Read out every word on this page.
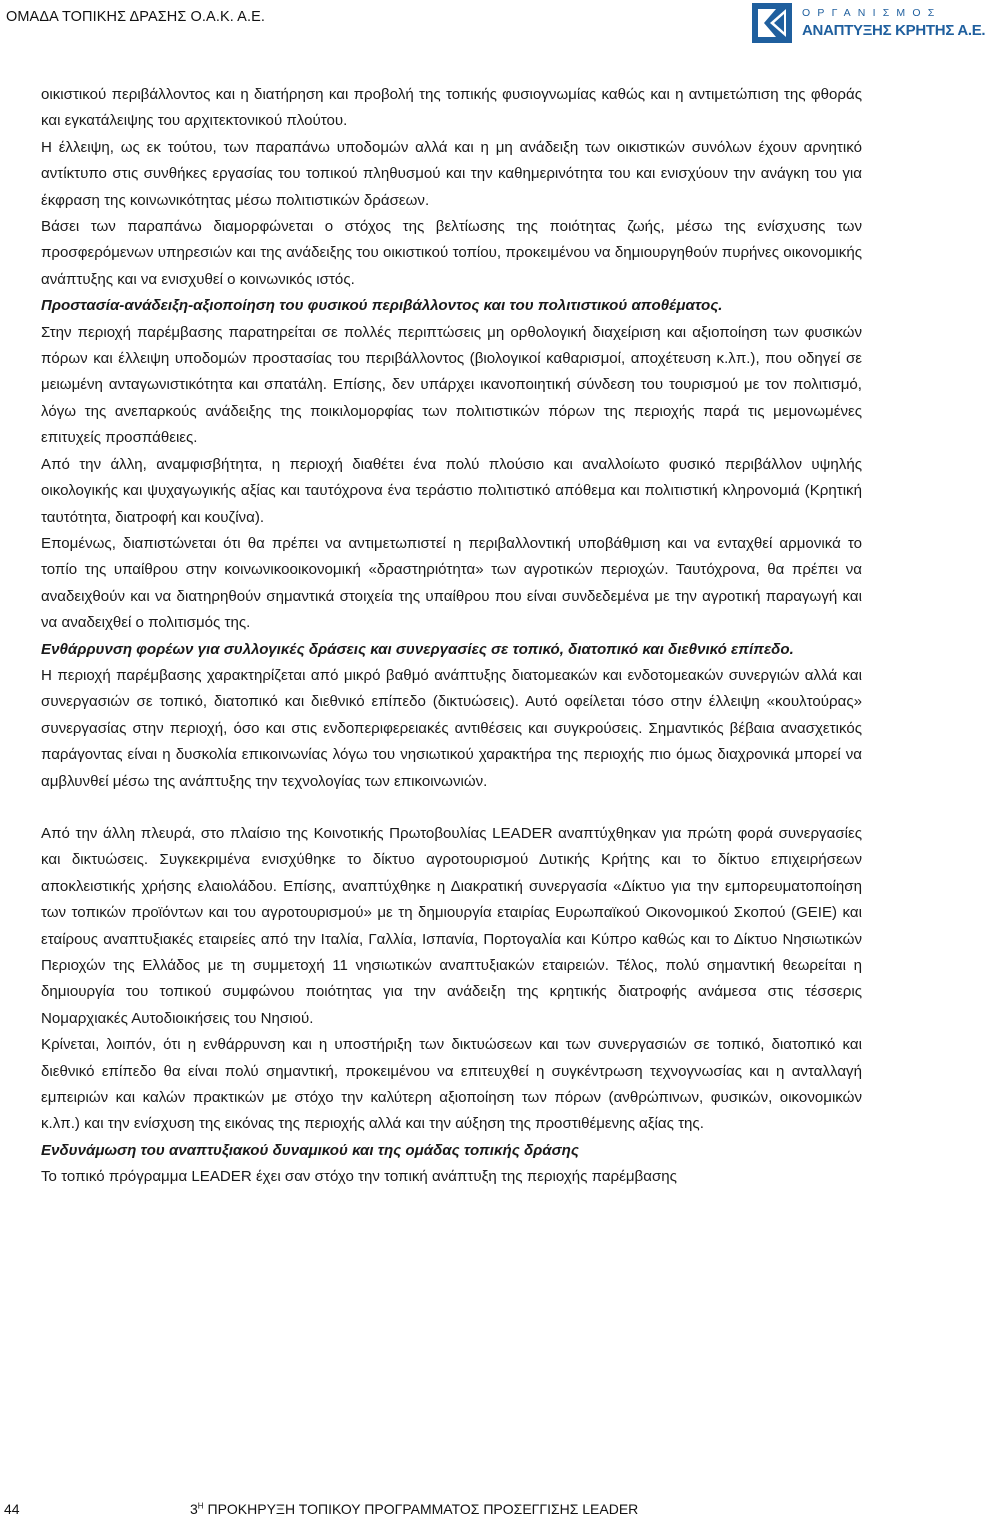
ΟΜΑΔΑ ΤΟΠΙΚΗΣ ΔΡΑΣΗΣ Ο.Α.Κ. Α.Ε.	ΟΡΓΑΝΙΣΜΟΣ
ΑΝΑΠΤΥΞΗΣ ΚΡΗΤΗΣ Α.Ε.

οικιστικού περιβάλλοντος και η διατήρηση και προβολή της τοπικής φυσιογνωμίας καθώς και η αντιμετώπιση της φθοράς και εγκατάλειψης του αρχιτεκτονικού πλούτου.

Η έλλειψη, ως εκ τούτου, των παραπάνω υποδομών αλλά και η μη ανάδειξη των οικιστικών συνόλων έχουν αρνητικό αντίκτυπο στις συνθήκες εργασίας του τοπικού πληθυσμού και την καθημερινότητα του και ενισχύουν την ανάγκη του για έκφραση της κοινωνικότητας μέσω πολιτιστικών δράσεων.

Βάσει των παραπάνω διαμορφώνεται ο στόχος της βελτίωσης της ποιότητας ζωής, μέσω της ενίσχυσης των προσφερόμενων υπηρεσιών και της ανάδειξης του οικιστικού τοπίου, προκειμένου να δημιουργηθούν πυρήνες οικονομικής ανάπτυξης και να ενισχυθεί ο κοινωνικός ιστός.

Προστασία-ανάδειξη-αξιοποίηση του φυσικού περιβάλλοντος και του πολιτιστικού αποθέματος.

Στην περιοχή παρέμβασης παρατηρείται σε πολλές περιπτώσεις μη ορθολογική διαχείριση και αξιοποίηση των φυσικών πόρων και έλλειψη υποδομών προστασίας του περιβάλλοντος (βιολογικοί καθαρισμοί, αποχέτευση κ.λπ.), που οδηγεί σε μειωμένη ανταγωνιστικότητα και σπατάλη. Επίσης, δεν υπάρχει ικανοποιητική σύνδεση του τουρισμού με τον πολιτισμό, λόγω της ανεπαρκούς ανάδειξης της ποικιλομορφίας των πολιτιστικών πόρων της περιοχής παρά τις μεμονωμένες επιτυχείς προσπάθειες.

Από την άλλη, αναμφισβήτητα, η περιοχή διαθέτει ένα πολύ πλούσιο και αναλλοίωτο φυσικό περιβάλλον υψηλής οικολογικής και ψυχαγωγικής αξίας και ταυτόχρονα ένα τεράστιο πολιτιστικό απόθεμα και πολιτιστική κληρονομιά (Κρητική ταυτότητα, διατροφή και κουζίνα).

Επομένως, διαπιστώνεται ότι θα πρέπει να αντιμετωπιστεί η περιβαλλοντική υποβάθμιση και να ενταχθεί αρμονικά το τοπίο της υπαίθρου στην κοινωνικοοικονομική «δραστηριότητα» των αγροτικών περιοχών. Ταυτόχρονα, θα πρέπει να αναδειχθούν και να διατηρηθούν σημαντικά στοιχεία της υπαίθρου που είναι συνδεδεμένα με την αγροτική παραγωγή και να αναδειχθεί ο πολιτισμός της.

Ενθάρρυνση φορέων για συλλογικές δράσεις και συνεργασίες σε τοπικό, διατοπικό και διεθνικό επίπεδο.

Η περιοχή παρέμβασης χαρακτηρίζεται από μικρό βαθμό ανάπτυξης διατομεακών και ενδοτομεακών συνεργιών αλλά και συνεργασιών σε τοπικό, διατοπικό και διεθνικό επίπεδο (δικτυώσεις). Αυτό οφείλεται τόσο στην έλλειψη «κουλτούρας» συνεργασίας στην περιοχή, όσο και στις ενδοπεριφερειακές αντιθέσεις και συγκρούσεις. Σημαντικός βέβαια ανασχετικός παράγοντας είναι η δυσκολία επικοινωνίας λόγω του νησιωτικού χαρακτήρα της περιοχής πιο όμως διαχρονικά μπορεί να αμβλυνθεί μέσω της ανάπτυξης την τεχνολογίας των επικοινωνιών.

Από την άλλη πλευρά, στο πλαίσιο της Κοινοτικής Πρωτοβουλίας LEADER αναπτύχθηκαν για πρώτη φορά συνεργασίες και δικτυώσεις. Συγκεκριμένα ενισχύθηκε το δίκτυο αγροτουρισμού Δυτικής Κρήτης και το δίκτυο επιχειρήσεων αποκλειστικής χρήσης ελαιολάδου. Επίσης, αναπτύχθηκε η Διακρατική συνεργασία «Δίκτυο για την εμπορευματοποίηση των τοπικών προϊόντων και του αγροτουρισμού» με τη δημιουργία εταιρίας Ευρωπαϊκού Οικονομικού Σκοπού (GEIE) και εταίρους αναπτυξιακές εταιρείες από την Ιταλία, Γαλλία, Ισπανία, Πορτογαλία και Κύπρο καθώς και το Δίκτυο Νησιωτικών Περιοχών της Ελλάδος με τη συμμετοχή 11 νησιωτικών αναπτυξιακών εταιρειών. Τέλος, πολύ σημαντική θεωρείται η δημιουργία του τοπικού συμφώνου ποιότητας για την ανάδειξη της κρητικής διατροφής ανάμεσα στις τέσσερις Νομαρχιακές Αυτοδιοικήσεις του Νησιού.

Κρίνεται, λοιπόν, ότι η ενθάρρυνση και η υποστήριξη των δικτυώσεων και των συνεργασιών σε τοπικό, διατοπικό και διεθνικό επίπεδο θα είναι πολύ σημαντική, προκειμένου να επιτευχθεί η συγκέντρωση τεχνογνωσίας και η ανταλλαγή εμπειριών και καλών πρακτικών με στόχο την καλύτερη αξιοποίηση των πόρων (ανθρώπινων, φυσικών, οικονομικών κ.λπ.) και την ενίσχυση της εικόνας της περιοχής αλλά και την αύξηση της προστιθέμενης αξίας της.

Ενδυνάμωση του αναπτυξιακού δυναμικού και της ομάδας τοπικής δράσης

Το τοπικό πρόγραμμα LEADER έχει σαν στόχο την τοπική ανάπτυξη της περιοχής παρέμβασης

44	$3^H$ ΠΡΟΚΗΡΥΞΗ ΤΟΠΙΚΟΥ ΠΡΟΓΡΑΜΜΑΤΟΣ ΠΡΟΣΕΓΓΙΣΗΣ LEADER
